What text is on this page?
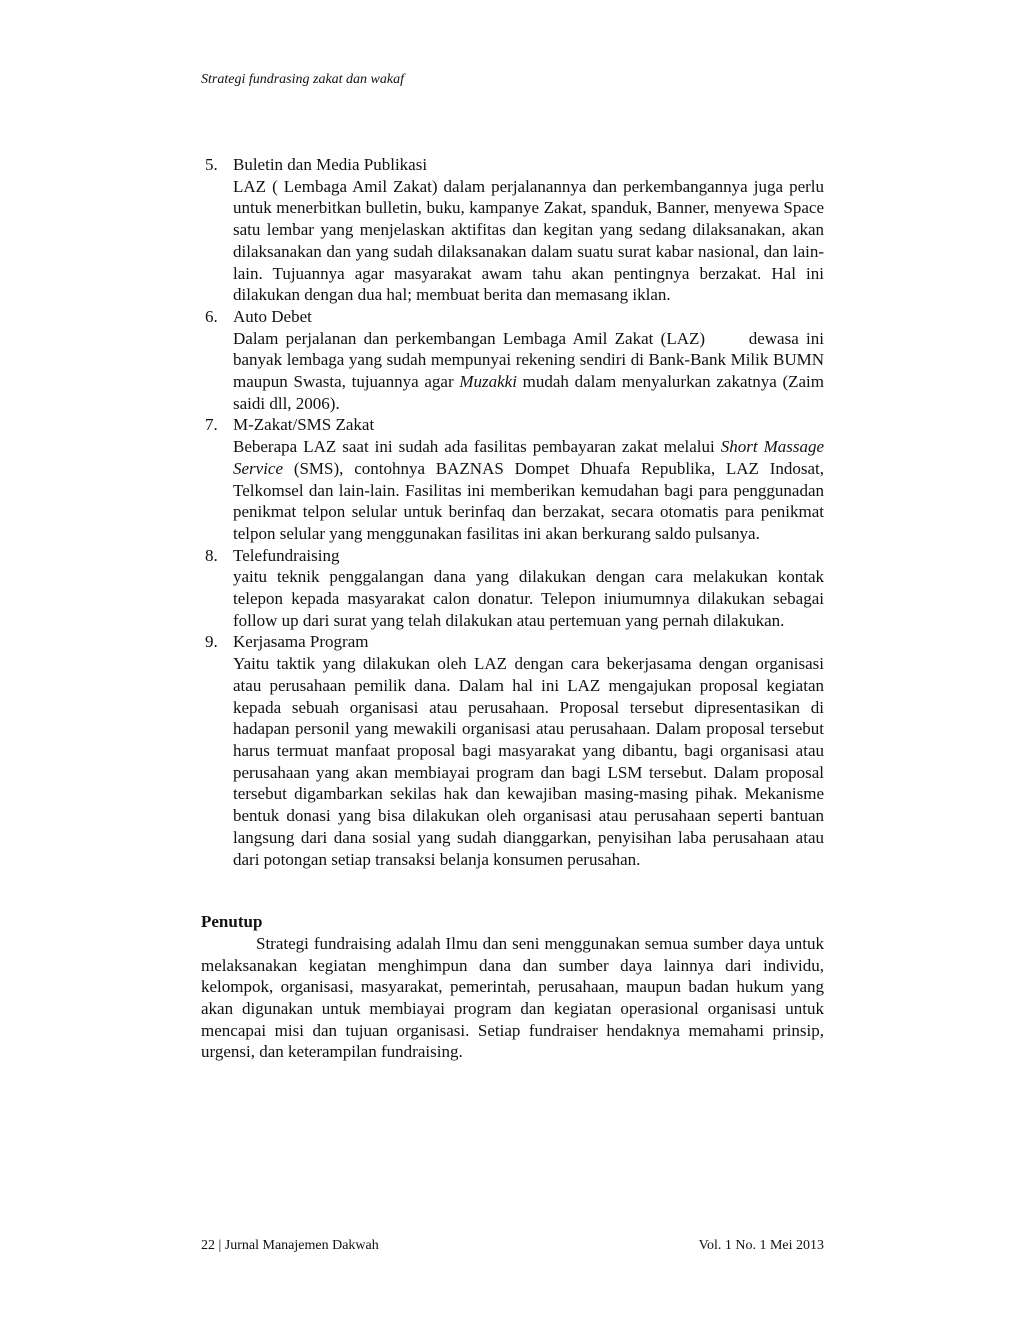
Strategi fundrasing zakat dan wakaf
5. Buletin dan Media Publikasi
LAZ ( Lembaga Amil Zakat) dalam perjalanannya dan perkembangannya juga perlu untuk menerbitkan bulletin, buku, kampanye Zakat, spanduk, Banner, menyewa Space satu lembar yang menjelaskan aktifitas dan kegitan yang sedang dilaksanakan, akan dilaksanakan dan yang sudah dilaksanakan dalam suatu surat kabar nasional, dan lain-lain. Tujuannya agar masyarakat awam tahu akan pentingnya berzakat. Hal ini dilakukan dengan dua hal; membuat berita dan memasang iklan.
6. Auto Debet
Dalam perjalanan dan perkembangan Lembaga Amil Zakat (LAZ)      dewasa ini banyak lembaga yang sudah mempunyai rekening sendiri di Bank-Bank Milik BUMN maupun Swasta, tujuannya agar Muzakki mudah dalam menyalurkan zakatnya (Zaim saidi dll, 2006).
7. M-Zakat/SMS Zakat
Beberapa LAZ saat ini sudah ada fasilitas pembayaran zakat melalui Short Massage Service (SMS), contohnya BAZNAS Dompet Dhuafa Republika, LAZ Indosat, Telkomsel dan lain-lain. Fasilitas ini memberikan kemudahan bagi para penggunadan penikmat telpon selular untuk berinfaq dan berzakat, secara otomatis para penikmat telpon selular yang menggunakan fasilitas ini akan berkurang saldo pulsanya.
8. Telefundraising
yaitu teknik penggalangan dana yang dilakukan dengan cara melakukan kontak telepon kepada masyarakat calon donatur. Telepon iniumumnya dilakukan sebagai follow up dari surat yang telah dilakukan atau pertemuan yang pernah dilakukan.
9. Kerjasama Program
Yaitu taktik yang dilakukan oleh LAZ dengan cara bekerjasama dengan organisasi atau perusahaan pemilik dana. Dalam hal ini LAZ mengajukan proposal kegiatan kepada sebuah organisasi atau perusahaan. Proposal tersebut dipresentasikan di hadapan personil yang mewakili organisasi atau perusahaan. Dalam proposal tersebut harus termuat manfaat proposal bagi masyarakat yang dibantu, bagi organisasi atau perusahaan yang akan membiayai program dan bagi LSM tersebut. Dalam proposal tersebut digambarkan sekilas hak dan kewajiban masing-masing pihak. Mekanisme bentuk donasi yang bisa dilakukan oleh organisasi atau perusahaan seperti bantuan langsung dari dana sosial yang sudah dianggarkan, penyisihan laba perusahaan atau dari potongan setiap transaksi belanja konsumen perusahan.
Penutup

Strategi fundraising adalah Ilmu dan seni menggunakan semua sumber daya untuk melaksanakan kegiatan menghimpun dana dan sumber daya lainnya dari individu, kelompok, organisasi, masyarakat, pemerintah, perusahaan, maupun badan hukum yang akan digunakan untuk membiayai program dan kegiatan operasional organisasi untuk mencapai misi dan tujuan organisasi. Setiap fundraiser hendaknya memahami prinsip, urgensi, dan keterampilan fundraising.

22 | Jurnal Manajemen Dakwah	Vol. 1 No. 1 Mei 2013
